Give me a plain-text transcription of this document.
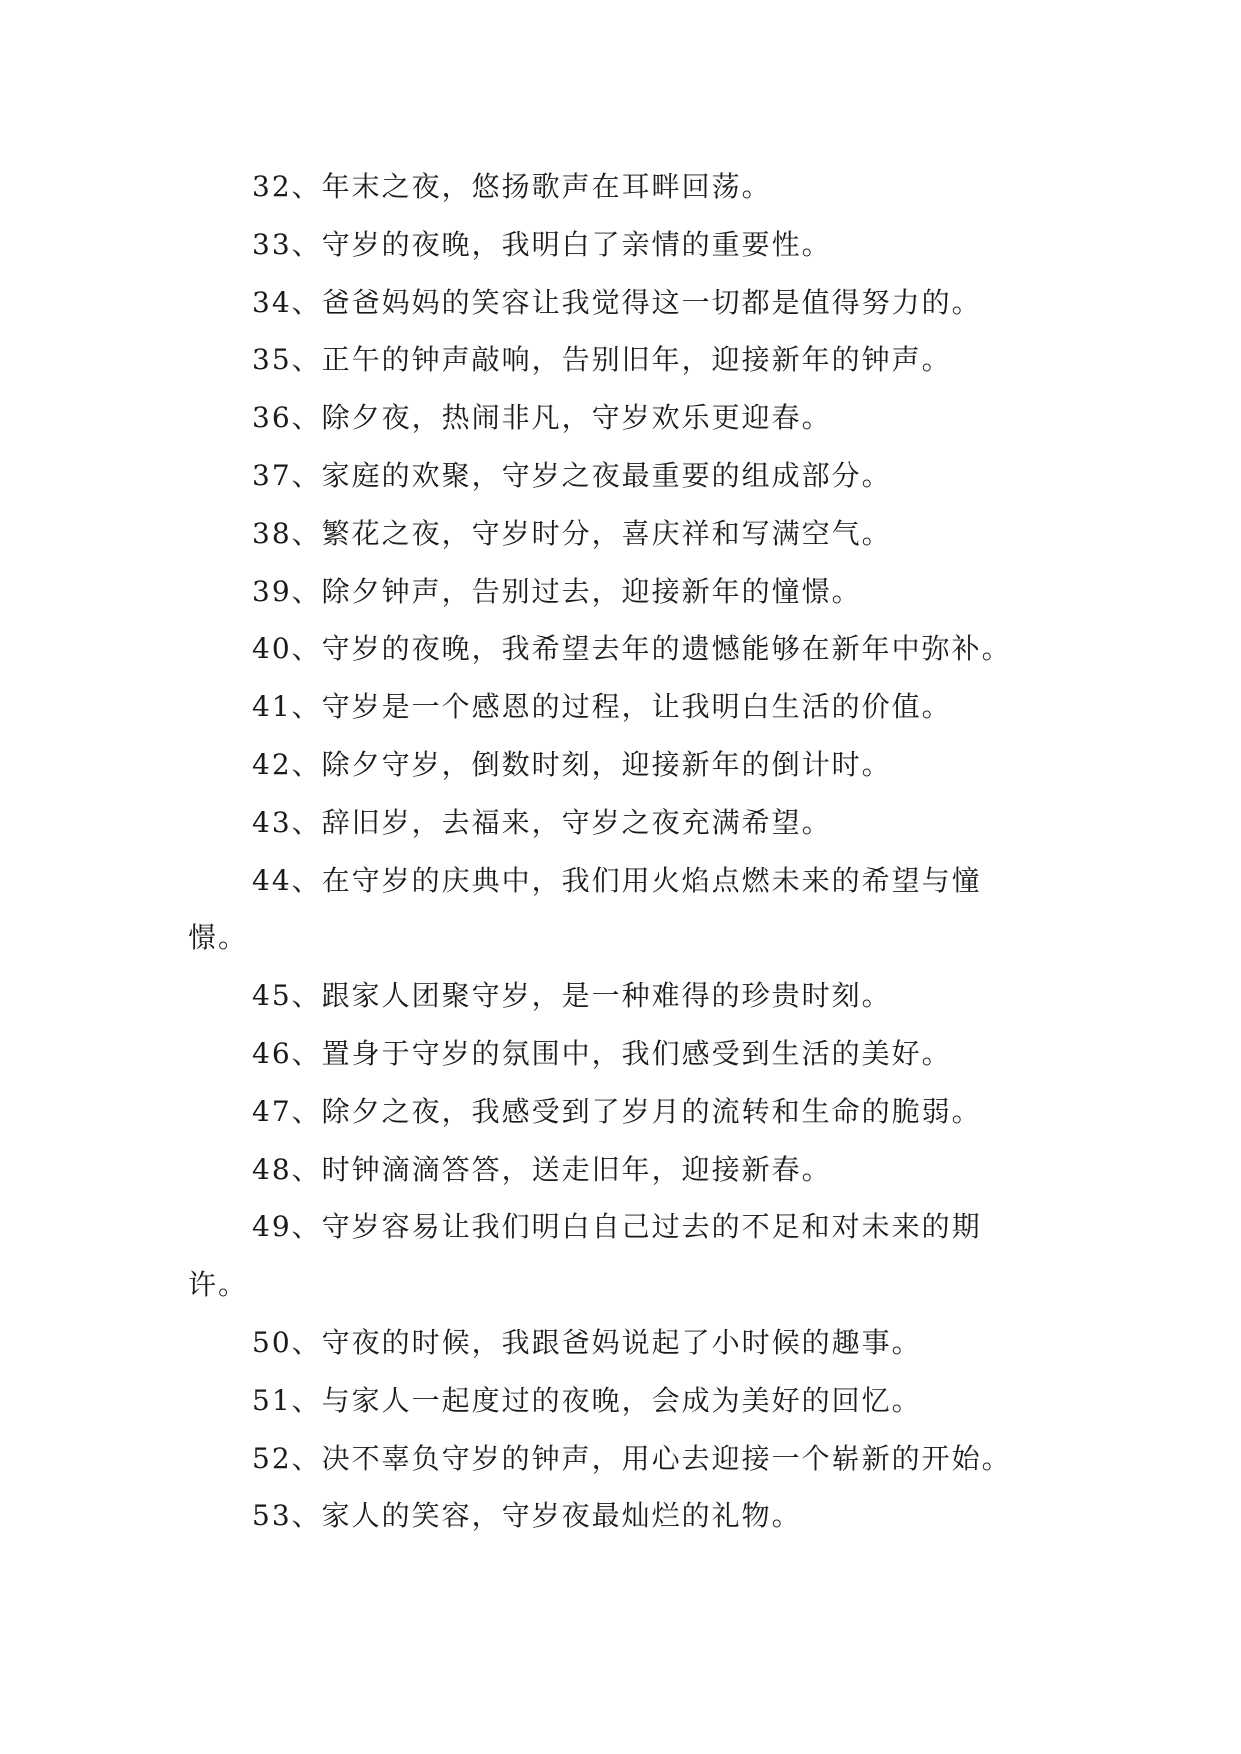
32、年末之夜，悠扬歌声在耳畔回荡。
33、守岁的夜晚，我明白了亲情的重要性。
34、爸爸妈妈的笑容让我觉得这一切都是值得努力的。
35、正午的钟声敲响，告别旧年，迎接新年的钟声。
36、除夕夜，热闹非凡，守岁欢乐更迎春。
37、家庭的欢聚，守岁之夜最重要的组成部分。
38、繁花之夜，守岁时分，喜庆祥和写满空气。
39、除夕钟声，告别过去，迎接新年的憧憬。
40、守岁的夜晚，我希望去年的遗憾能够在新年中弥补。
41、守岁是一个感恩的过程，让我明白生活的价值。
42、除夕守岁，倒数时刻，迎接新年的倒计时。
43、辞旧岁，去福来，守岁之夜充满希望。
44、在守岁的庆典中，我们用火焰点燃未来的希望与憧
憬。
45、跟家人团聚守岁，是一种难得的珍贵时刻。
46、置身于守岁的氛围中，我们感受到生活的美好。
47、除夕之夜，我感受到了岁月的流转和生命的脆弱。
48、时钟滴滴答答，送走旧年，迎接新春。
49、守岁容易让我们明白自己过去的不足和对未来的期
许。
50、守夜的时候，我跟爸妈说起了小时候的趣事。
51、与家人一起度过的夜晚，会成为美好的回忆。
52、决不辜负守岁的钟声，用心去迎接一个崭新的开始。
53、家人的笑容，守岁夜最灿烂的礼物。
